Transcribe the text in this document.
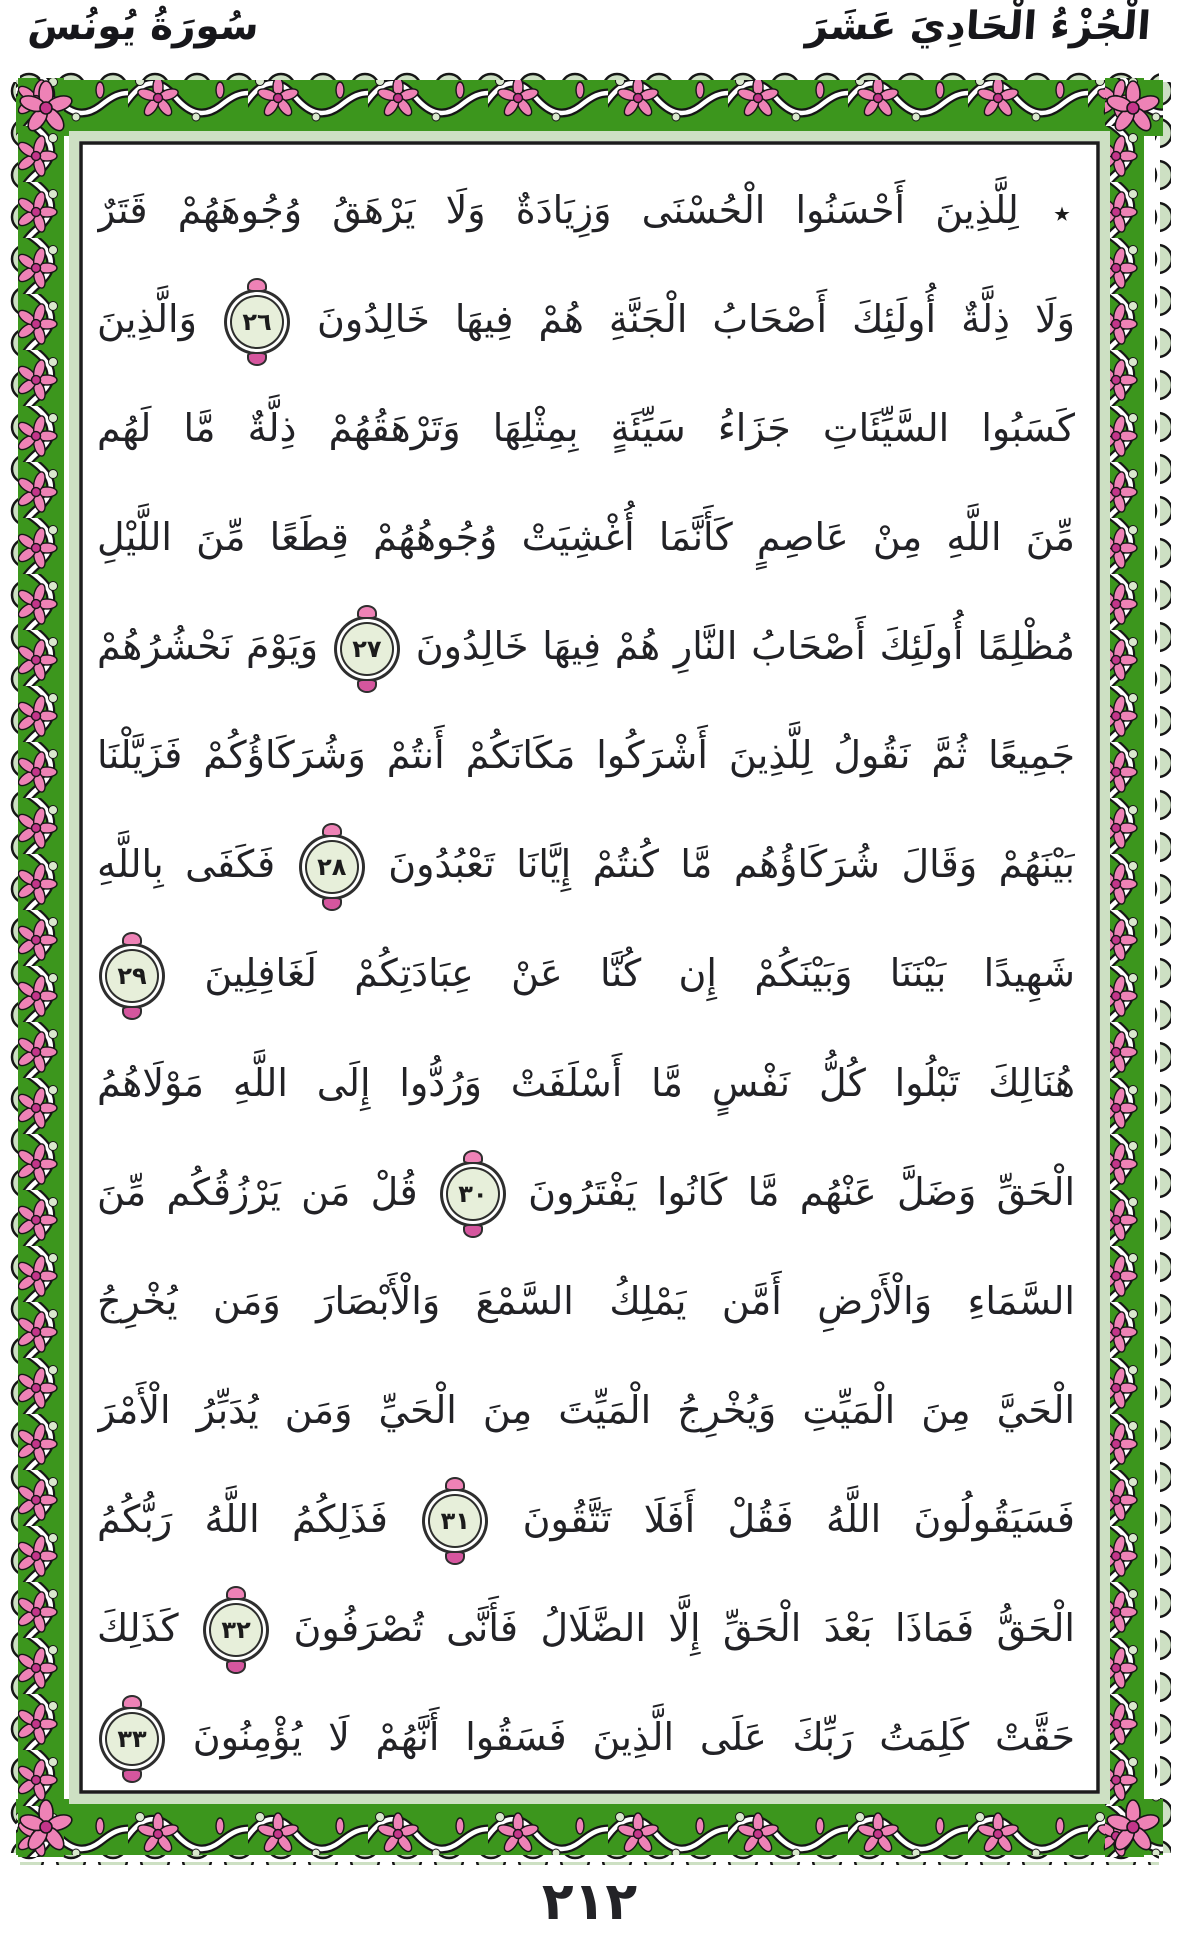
الْجُزْءُ الْحَادِيَ عَشَرَ
سُورَةُ يُونُسَ
٭ لِلَّذِينَ أَحْسَنُوا الْحُسْنَى وَزِيَادَةٌ وَلَا يَرْهَقُ وُجُوهَهُمْ قَتَرٌ
وَلَا ذِلَّةٌ أُولَئِكَ أَصْحَابُ الْجَنَّةِ هُمْ فِيهَا خَالِدُونَ ٢٦ وَالَّذِينَ
كَسَبُوا السَّيِّئَاتِ جَزَاءُ سَيِّئَةٍ بِمِثْلِهَا وَتَرْهَقُهُمْ ذِلَّةٌ مَّا لَهُم
مِّنَ اللَّهِ مِنْ عَاصِمٍ كَأَنَّمَا أُغْشِيَتْ وُجُوهُهُمْ قِطَعًا مِّنَ اللَّيْلِ
مُظْلِمًا أُولَئِكَ أَصْحَابُ النَّارِ هُمْ فِيهَا خَالِدُونَ ٢٧ وَيَوْمَ نَحْشُرُهُمْ
جَمِيعًا ثُمَّ نَقُولُ لِلَّذِينَ أَشْرَكُوا مَكَانَكُمْ أَنتُمْ وَشُرَكَاؤُكُمْ فَزَيَّلْنَا
بَيْنَهُمْ وَقَالَ شُرَكَاؤُهُم مَّا كُنتُمْ إِيَّانَا تَعْبُدُونَ ٢٨ فَكَفَى بِاللَّهِ
شَهِيدًا بَيْنَنَا وَبَيْنَكُمْ إِن كُنَّا عَنْ عِبَادَتِكُمْ لَغَافِلِينَ ٢٩
هُنَالِكَ تَبْلُوا كُلُّ نَفْسٍ مَّا أَسْلَفَتْ وَرُدُّوا إِلَى اللَّهِ مَوْلَاهُمُ
الْحَقِّ وَضَلَّ عَنْهُم مَّا كَانُوا يَفْتَرُونَ ٣٠ قُلْ مَن يَرْزُقُكُم مِّنَ
السَّمَاءِ وَالْأَرْضِ أَمَّن يَمْلِكُ السَّمْعَ وَالْأَبْصَارَ وَمَن يُخْرِجُ
الْحَيَّ مِنَ الْمَيِّتِ وَيُخْرِجُ الْمَيِّتَ مِنَ الْحَيِّ وَمَن يُدَبِّرُ الْأَمْرَ
فَسَيَقُولُونَ اللَّهُ فَقُلْ أَفَلَا تَتَّقُونَ ٣١ فَذَلِكُمُ اللَّهُ رَبُّكُمُ
الْحَقُّ فَمَاذَا بَعْدَ الْحَقِّ إِلَّا الضَّلَالُ فَأَنَّى تُصْرَفُونَ ٣٢ كَذَلِكَ
حَقَّتْ كَلِمَتُ رَبِّكَ عَلَى الَّذِينَ فَسَقُوا أَنَّهُمْ لَا يُؤْمِنُونَ ٣٣
٢١٢
